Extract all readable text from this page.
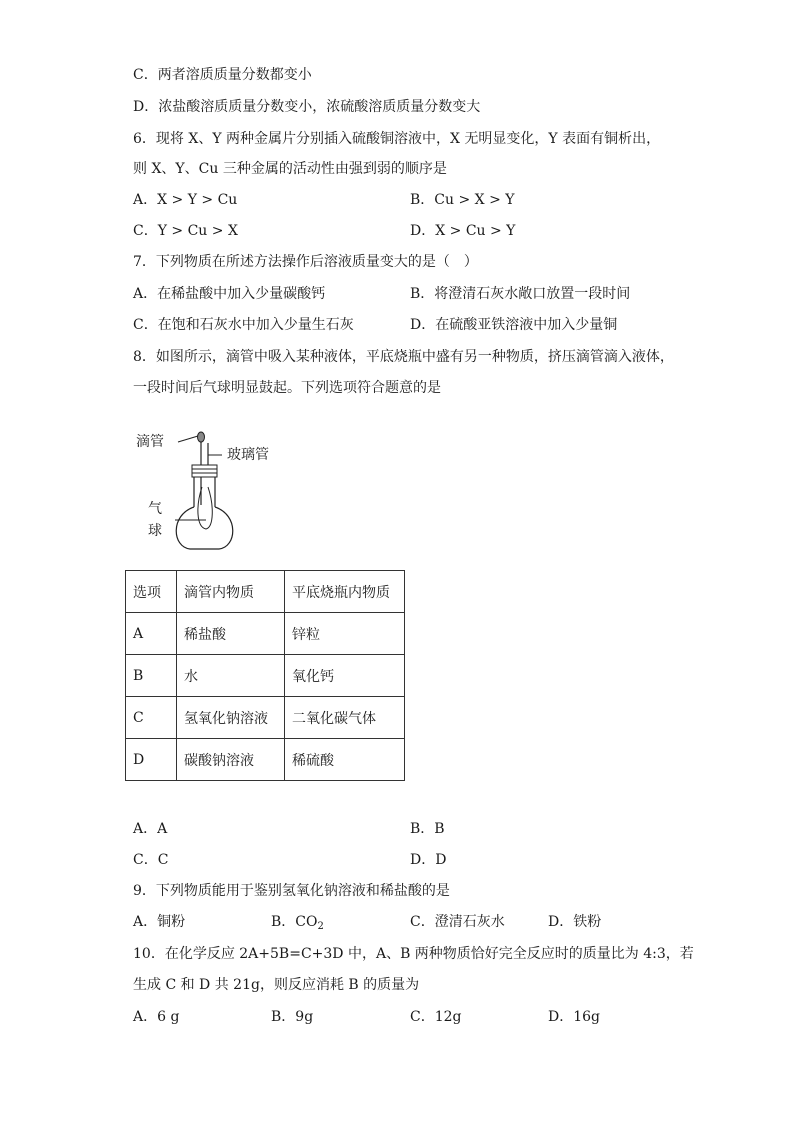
C．两者溶质质量分数都变小
D．浓盐酸溶质质量分数变小，浓硫酸溶质质量分数变大
6．现将 X、Y 两种金属片分别插入硫酸铜溶液中，X 无明显变化，Y 表面有铜析出，
则 X、Y、Cu 三种金属的活动性由强到弱的顺序是
A．X > Y > Cu	B．Cu > X > Y
C．Y > Cu > X	D．X > Cu > Y
7．下列物质在所述方法操作后溶液质量变大的是（　）
A．在稀盐酸中加入少量碳酸钙	B．将澄清石灰水敞口放置一段时间
C．在饱和石灰水中加入少量生石灰	D．在硫酸亚铁溶液中加入少量铜
8．如图所示，滴管中吸入某种液体，平底烧瓶中盛有另一种物质，挤压滴管滴入液体，
一段时间后气球明显鼓起。下列选项符合题意的是
滴管
玻璃管
气
球
选项	滴管内物质	平底烧瓶内物质
A	稀盐酸	锌粒
B	水	氧化钙
C	氢氧化钠溶液	二氧化碳气体
D	碳酸钠溶液	稀硫酸
A．A	B．B
C．C	D．D
9．下列物质能用于鉴别氢氧化钠溶液和稀盐酸的是
A．铜粉	B．$CO_2$	C．澄清石灰水	D．铁粉
10．在化学反应 2A+5B=C+3D 中，A、B 两种物质恰好完全反应时的质量比为 4:3，若
生成 C 和 D 共 21g，则反应消耗 B 的质量为
A．6 g	B．9g	C．12g	D．16g
